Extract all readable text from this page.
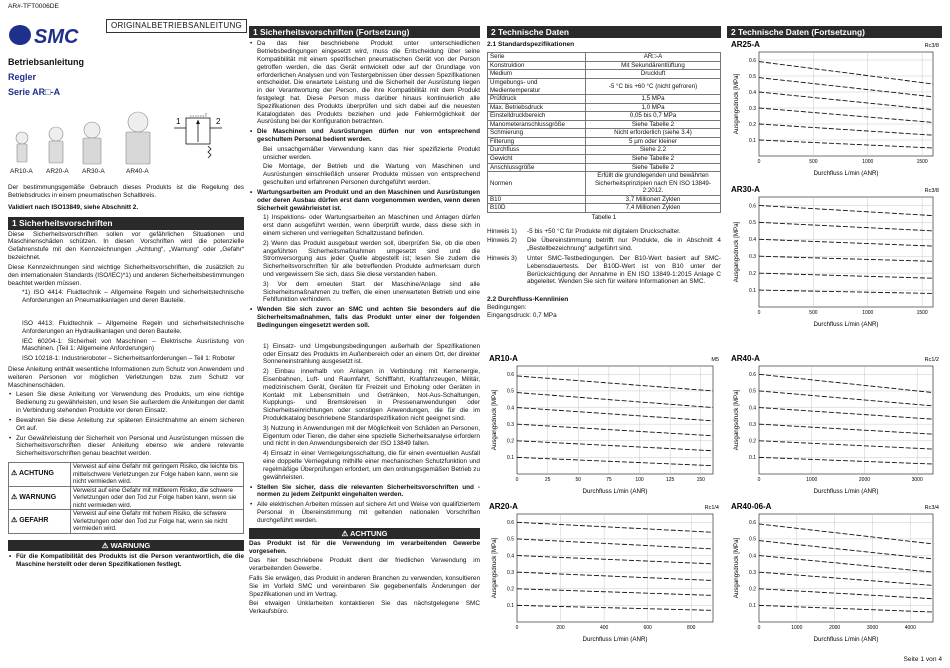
AR#-TFT0006DE
SMC
ORIGINALBETRIEBSANLEITUNG
Betriebsanleitung
Regler
Serie AR□-A
1	2
AR10-A AR20-A AR30-A	AR40-A

Der bestimmungsgemäße Gebrauch dieses Produkts ist die Regelung des Betriebsdrucks in einem pneumatischen Schaltkreis.

Validiert nach ISO13849, siehe Abschnitt 2.

1 Sicherheitsvorschriften

Diese Sicherheitsvorschriften sollen vor gefährlichen Situationen und Maschinenschäden schützen. In diesen Vorschriften wird die potenzielle Gefahrenstufe mit den Kennzeichnungen „Achtung“, „Warnung“ oder „Gefahr“ bezeichnet.

Diese Kennzeichnungen sind wichtige Sicherheitsvorschriften, die zusätzlich zu den internationalen Standards (ISO/IEC)*1) und anderen Sicherheitsbestimmungen beachtet werden müssen.

*1) ISO 4414: Fluidtechnik – Allgemeine Regeln und sicherheitstechnische Anforderungen an Pneumatikanlagen und deren Bauteile.

ISO 4413: Fluidtechnik – Allgemeine Regeln und sicherheitstechnische Anforderungen an Hydraulikanlagen und deren Bauteile.

IEC 60204-1: Sicherheit von Maschinen – Elektrische Ausrüstung von Maschinen. (Teil 1: Allgemeine Anforderungen)

ISO 10218-1: Industrieroboter – Sicherheitsanforderungen – Teil 1: Roboter

Diese Anleitung enthält wesentliche Informationen zum Schutz von Anwendern und weiteren Personen vor möglichen Verletzungen bzw. zum Schutz vor Maschinenschäden.

• Lesen Sie diese Anleitung vor Verwendung des Produkts, um eine richtige Bedienung zu gewährleisten, und lesen Sie außerdem die Anleitungen der damit in Verbindung stehenden Produkte vor deren Einsatz.
• Bewahren Sie diese Anleitung zur späteren Einsichtnahme an einem sicheren Ort auf.
• Zur Gewährleistung der Sicherheit von Personal und Ausrüstungen müssen die Sicherheitsvorschriften dieser Anleitung ebenso wie andere relevante Sicherheitsvorschriften genau beachtet werden.
⚠ ACHTUNG	Verweist auf eine Gefahr mit geringem Risiko, die leichte bis mittelschwere Verletzungen zur Folge haben kann, wenn sie nicht vermieden wird.
⚠ WARNUNG	Verweist auf eine Gefahr mit mittlerem Risiko, die schwere Verletzungen oder den Tod zur Folge haben kann, wenn sie nicht vermieden wird.
⚠ GEFAHR	Verweist auf eine Gefahr mit hohem Risiko, die schwere Verletzungen oder den Tod zur Folge hat, wenn sie nicht vermieden wird.
⚠ WARNUNG
• Für die Kompatibilität des Produkts ist die Person verantwortlich, die die Maschine herstellt oder deren Spezifikationen festlegt.
1 Sicherheitsvorschriften (Fortsetzung)
• Da das hier beschriebene Produkt unter unterschiedlichen Betriebsbedingungen eingesetzt wird, muss die Entscheidung über seine Kompatibilität mit einem spezifischen pneumatischen Gerät von der Person getroffen werden, die das Gerät entwickelt oder auf der Grundlage von erforderlichen Analysen und von Testergebnissen über dessen Spezifikationen entscheidet. Die erwartete Leistung und die Sicherheit der Ausrüstung liegen in der Verantwortung der Person, die ihre Kompatibilität mit dem Produkt festgelegt hat. Diese Person muss darüber hinaus kontinuierlich alle Spezifikationen des Produkts überprüfen und sich dabei auf die neuesten Katalogdaten des Produkts beziehen und jede Fehlermöglichkeit der Ausrüstung bei der Konfiguration betrachten.
• Die Maschinen und Ausrüstungen dürfen nur von entsprechend geschultem Personal bedient werden.

Bei unsachgemäßer Verwendung kann das hier spezifizierte Produkt unsicher werden.

Die Montage, der Betrieb und die Wartung von Maschinen und Ausrüstungen einschließlich unserer Produkte müssen von entsprechend geschulten und erfahrenen Personen durchgeführt werden.

• Wartungsarbeiten am Produkt und an den Maschinen und Ausrüstungen oder deren Ausbau dürfen erst dann vorgenommen werden, wenn deren Sicherheit gewährleistet ist.

1) Inspektions- oder Wartungsarbeiten an Maschinen und Anlagen dürfen erst dann ausgeführt werden, wenn überprüft wurde, dass diese sich in einem sicheren und verriegelten Schaltzustand befinden.

2) Wenn das Produkt ausgebaut werden soll, überprüfen Sie, ob die oben angeführten Sicherheitsmaßnahmen umgesetzt sind und die Stromversorgung aus jeder Quelle abgestellt ist; lesen Sie zudem die Sicherheitsvorschriften für alle betreffenden Produkte aufmerksam durch und vergewissern Sie sich, dass Sie diese verstanden haben.

3) Vor dem erneuten Start der Maschine/Anlage sind alle Sicherheitsmaßnahmen zu treffen, die einen unerwarteten Betrieb und eine Fehlfunktion verhindern.

• Wenden Sie sich zuvor an SMC und achten Sie besonders auf die Sicherheitsmaßnahmen, falls das Produkt unter einer der folgenden Bedingungen eingesetzt werden soll.

1) Einsatz- und Umgebungsbedingungen außerhalb der Spezifikationen oder Einsatz des Produkts im Außenbereich oder an einem Ort, der direkter Sonneneinstrahlung ausgesetzt ist.

2) Einbau innerhalb von Anlagen in Verbindung mit Kernenergie, Eisenbahnen, Luft- und Raumfahrt, Schifffahrt, Kraftfahrzeugen, Militär, medizinischem Gerät, Geräten für Freizeit und Erholung oder Geräten in Kontakt mit Lebensmitteln und Getränken, Not-Aus-Schaltungen, Kupplungs- und Bremskreisen in Pressenanwendungen oder Sicherheitseinrichtungen oder sonstigen Anwendungen, die für die im Produktkatalog beschriebene Standardspezifikation nicht geeignet sind.

3) Nutzung in Anwendungen mit der Möglichkeit von Schäden an Personen, Eigentum oder Tieren, die daher eine spezielle Sicherheitsanalyse erfordern und nicht in den Anwendungsbereich der ISO 13849 fallen.

4) Einsatz in einer Verriegelungsschaltung, die für einen eventuellen Ausfall eine doppelte Verriegelung mithilfe einer mechanischen Schutzfunktion und regelmäßige Überprüfungen erfordert, um den ordnungsgemäßen Betrieb zu gewährleisten.

• Stellen Sie sicher, dass die relevanten Sicherheitsvorschriften und -normen zu jedem Zeitpunkt eingehalten werden.
• Alle elektrischen Arbeiten müssen auf sichere Art und Weise von qualifiziertem Personal in Übereinstimmung mit geltenden nationalen Vorschriften durchgeführt werden.
⚠ ACHTUNG

Das Produkt ist für die Verwendung im verarbeitenden Gewerbe vorgesehen.

Das hier beschriebene Produkt dient der friedlichen Verwendung im verarbeitenden Gewerbe.

Falls Sie erwägen, das Produkt in anderen Branchen zu verwenden, konsultieren Sie im Vorfeld SMC und vereinbaren Sie gegebenenfalls Änderungen der Spezifikationen und im Vertrag.

Bei etwaigen Unklarheiten kontaktieren Sie das nächstgelegene SMC Verkaufsbüro.

2 Technische Daten
2.1 Standardspezifikationen
Serie	AR□-A
Konstruktion	Mit Sekundärentlüftung
Medium	Druckluft
Umgebungs- und Medientemperatur	-5 °C bis +60 °C (nicht gefroren)
Prüfdruck	1,5 MPa
Max. Betriebsdruck	1,0 MPa
Einstelldruckbereich	0,05 bis 0,7 MPa
Manometeranschlussgröße	Siehe Tabelle 2
Schmierung	Nicht erforderlich (siehe 3.4)
Filterung	5 µm oder kleiner
Durchfluss	Siehe 2.2
Gewicht	Siehe Tabelle 2
Anschlussgröße	Siehe Tabelle 2
Normen	Erfüllt die grundlegenden und bewährten Sicherheitsprinzipien nach EN ISO 13849-2:2012.
B10	3,7 Millionen Zyklen
B10D	7,4 Millionen Zyklen
Tabelle 1
Hinweis 1)	-5 bis +50 °C für Produkte mit digitalem Druckschalter.
Hinweis 2)	Die Übereinstimmung betrifft nur Produkte, die in Abschnitt 4 „Bestellbezeichnung“ aufgeführt sind.
Hinweis 3)	Unter SMC-Testbedingungen. Der B10-Wert basiert auf SMC-Lebensdauertests. Der B10D-Wert ist von B10 unter der Berücksichtigung der Annahme in EN ISO 13849-1:2015 Anlage C abgeleitet. Wenden Sie sich für weitere Informationen an SMC.
2.2 Durchfluss-Kennlinien
Bedingungen:
Eingangsdruck: 0,7 MPa
2 Technische Daten (Fortsetzung)
AR25-A	Rc3/8
0.1
0.2
0.3
0.4
0.5
0.6
0	500	1000	1500
Durchfluss L/min (ANR)
Ausgangsdruck [MPa]
AR30-A	Rc3/8
0.1
0.2
0.3
0.4
0.5
0.6
0	500	1000	1500
Durchfluss L/min (ANR)
Ausgangsdruck [MPa]
AR10-A	M5
0.1
0.2
0.3
0.4
0.5
0.6
0	25	50	75	100	125	150
Durchfluss L/min (ANR)
Ausgangsdruck [MPa]
AR40-A	Rc1/2
0.1
0.2
0.3
0.4
0.5
0.6
0	1000	2000	3000
Durchfluss L/min (ANR)
Ausgangsdruck [MPa]
AR20-A	Rc1/4
0.1
0.2
0.3
0.4
0.5
0.6
0	200	400	600	800
Durchfluss L/min (ANR)
Ausgangsdruck [MPa]
AR40-06-A	Rc3/4
0.1
0.2
0.3
0.4
0.5
0.6
0	1000	2000	3000	4000
Durchfluss L/min (ANR)
Ausgangsdruck [MPa]
Seite 1 von 4
